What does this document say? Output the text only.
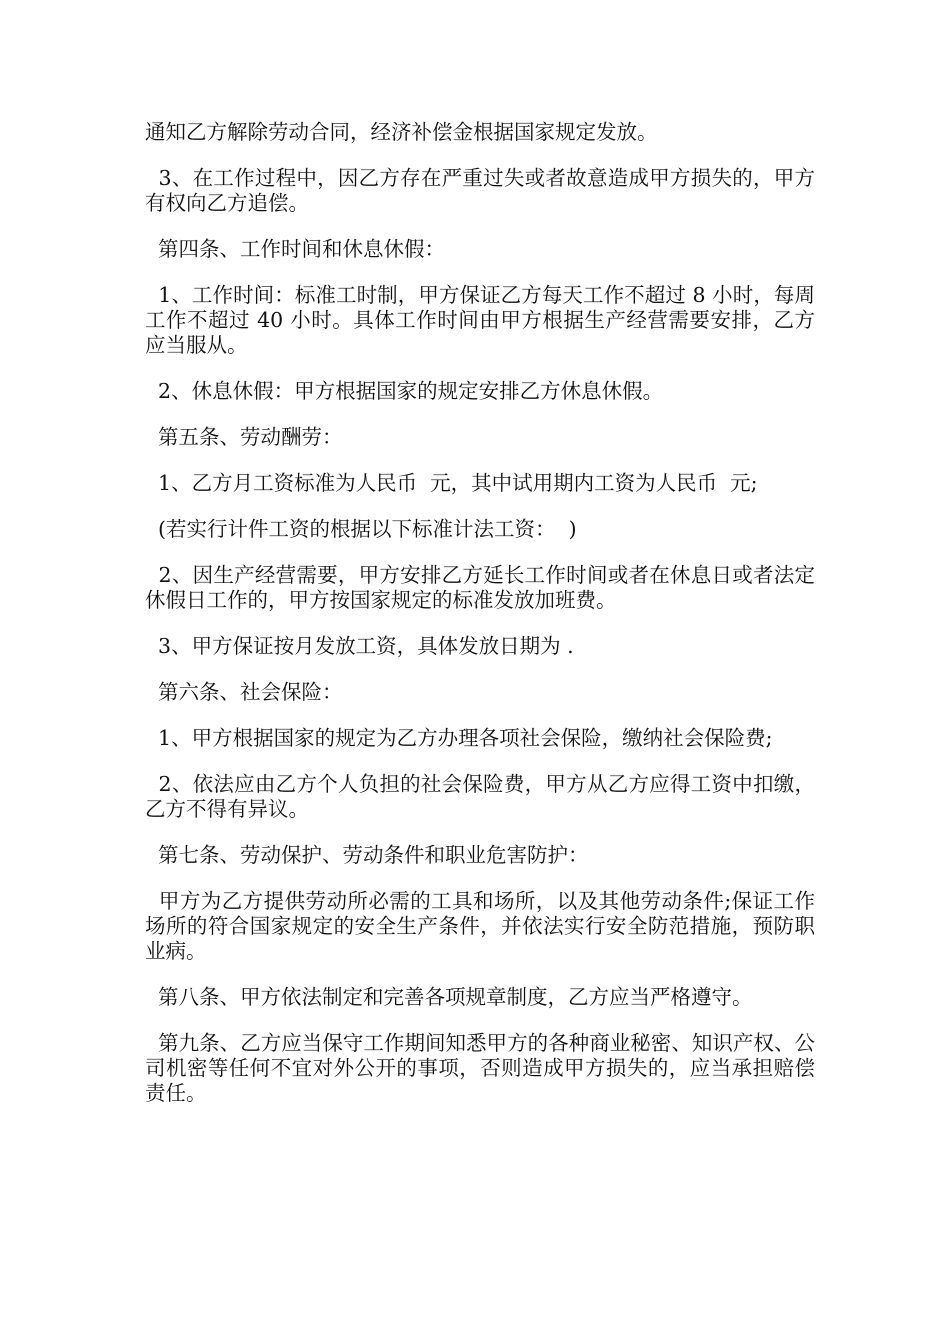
通知乙方解除劳动合同，经济补偿金根据国家规定发放。

3、在工作过程中，因乙方存在严重过失或者故意造成甲方损失的，甲方有权向乙方追偿。

第四条、工作时间和休息休假：

1、工作时间：标准工时制，甲方保证乙方每天工作不超过 8 小时，每周工作不超过 40 小时。具体工作时间由甲方根据生产经营需要安排，乙方应当服从。

2、休息休假：甲方根据国家的规定安排乙方休息休假。

第五条、劳动酬劳：

1、乙方月工资标准为人民币  元，其中试用期内工资为人民币  元;

(若实行计件工资的根据以下标准计法工资：  )

2、因生产经营需要，甲方安排乙方延长工作时间或者在休息日或者法定休假日工作的，甲方按国家规定的标准发放加班费。

3、甲方保证按月发放工资，具体发放日期为 .

第六条、社会保险：

1、甲方根据国家的规定为乙方办理各项社会保险，缴纳社会保险费;

2、依法应由乙方个人负担的社会保险费，甲方从乙方应得工资中扣缴，乙方不得有异议。

第七条、劳动保护、劳动条件和职业危害防护：

甲方为乙方提供劳动所必需的工具和场所，以及其他劳动条件;保证工作场所的符合国家规定的安全生产条件，并依法实行安全防范措施，预防职业病。

第八条、甲方依法制定和完善各项规章制度，乙方应当严格遵守。

第九条、乙方应当保守工作期间知悉甲方的各种商业秘密、知识产权、公司机密等任何不宜对外公开的事项，否则造成甲方损失的，应当承担赔偿责任。
